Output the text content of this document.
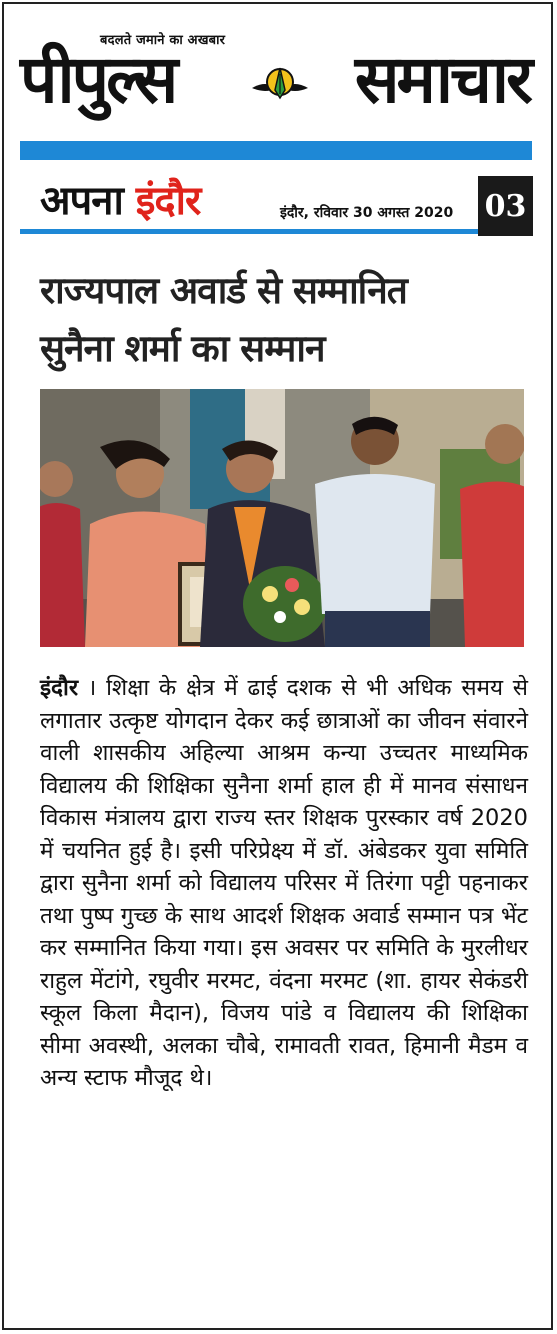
बदलते जमाने का अखबार
पीपुल्स	समाचार
अपना इंदौर	इंदौर, रविवार 30 अगस्त 2020 03
राज्यपाल अवार्ड से सम्मानित
सुनैना शर्मा का सम्मान
इंदौर । शिक्षा के क्षेत्र में ढाई दशक से भी अधिक समय से लगातार उत्कृष्ट योगदान देकर कई छात्राओं का जीवन संवारने वाली शासकीय अहिल्या आश्रम कन्या उच्चतर माध्यमिक विद्यालय की शिक्षिका सुनैना शर्मा हाल ही में मानव संसाधन विकास मंत्रालय द्वारा राज्य स्तर शिक्षक पुरस्कार वर्ष 2020 में चयनित हुई है। इसी परिप्रेक्ष्य में डॉ. अंबेडकर युवा समिति द्वारा सुनैना शर्मा को विद्यालय परिसर में तिरंगा पट्टी पहनाकर तथा पुष्प गुच्छ के साथ आदर्श शिक्षक अवार्ड सम्मान पत्र भेंट कर सम्मानित किया गया। इस अवसर पर समिति के मुरलीधर राहुल मेंटांगे, रघुवीर मरमट, वंदना मरमट (शा. हायर सेकंडरी स्कूल किला मैदान), विजय पांडे व विद्यालय की शिक्षिका सीमा अवस्थी, अलका चौबे, रामावती रावत, हिमानी मैडम व अन्य स्टाफ मौजूद थे।
